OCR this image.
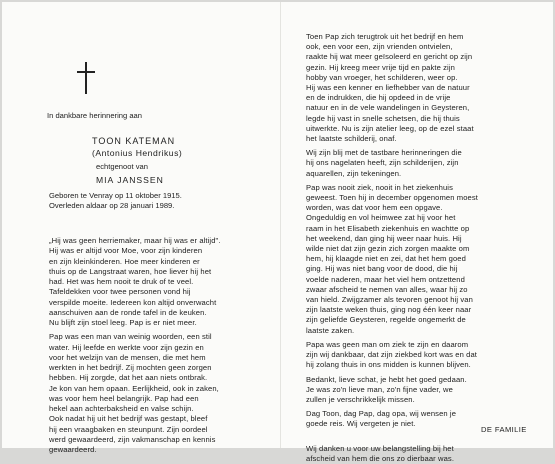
In dankbare herinnering aan
TOON KATEMAN
(Antonius Hendrikus)
echtgenoot van
MIA JANSSEN
Geboren te Venray op 11 oktober 1915.
Overleden aldaar op 28 januari 1989.
„Hij was geen herriemaker, maar hij was er altijd".
Hij was er altijd voor Moe, voor zijn kinderen
en zijn kleinkinderen. Hoe meer kinderen er
thuis op de Langstraat waren, hoe liever hij het
had. Het was hem nooit te druk of te veel.
Tafeldekken voor twee personen vond hij
verspilde moeite. Iedereen kon altijd onverwacht
aanschuiven aan de ronde tafel in de keuken.
Nu blijft zijn stoel leeg. Pap is er niet meer.
Pap was een man van weinig woorden, een stil
water. Hij leefde en werkte voor zijn gezin en
voor het welzijn van de mensen, die met hem
werkten in het bedrijf. Zij mochten geen zorgen
hebben. Hij zorgde, dat het aan niets ontbrak.
Je kon van hem opaan. Eerlijkheid, ook in zaken,
was voor hem heel belangrijk. Pap had een
hekel aan achterbaksheid en valse schijn.
Ook nadat hij uit het bedrijf was gestapt, bleef
hij een vraagbaken en steunpunt. Zijn oordeel
werd gewaardeerd, zijn vakmanschap en kennis
gewaardeerd.
Toen Pap zich terugtrok uit het bedrijf en hem
ook, een voor een, zijn vrienden ontvielen,
raakte hij wat meer geïsoleerd en gericht op zijn
gezin. Hij kreeg meer vrije tijd en pakte zijn
hobby van vroeger, het schilderen, weer op.
Hij was een kenner en liefhebber van de natuur
en de indrukken, die hij opdeed in de vrije
natuur en in de vele wandelingen in Geysteren,
legde hij vast in snelle schetsen, die hij thuis
uitwerkte. Nu is zijn atelier leeg, op de ezel staat
het laatste schilderij, onaf.
Wij zijn blij met de tastbare herinneringen die
hij ons nagelaten heeft, zijn schilderijen, zijn
aquarellen, zijn tekeningen.
Pap was nooit ziek, nooit in het ziekenhuis
geweest. Toen hij in december opgenomen moest
worden, was dat voor hem een opgave.
Ongeduldig en vol heimwee zat hij voor het
raam in het Elisabeth ziekenhuis en wachtte op
het weekend, dan ging hij weer naar huis. Hij
wilde niet dat zijn gezin zich zorgen maakte om
hem, hij klaagde niet en zei, dat het hem goed
ging. Hij was niet bang voor de dood, die hij
voelde naderen, maar het viel hem ontzettend
zwaar afscheid te nemen van alles, waar hij zo
van hield. Zwijgzamer als tevoren genoot hij van
zijn laatste weken thuis, ging nog één keer naar
zijn geliefde Geysteren, regelde ongemerkt de
laatste zaken.
Papa was geen man om ziek te zijn en daarom
zijn wij dankbaar, dat zijn ziekbed kort was en dat
hij zolang thuis in ons midden is kunnen blijven.
Bedankt, lieve schat, je hebt het goed gedaan.
Je was zo'n lieve man, zo'n fijne vader, we
zullen je verschrikkelijk missen.
Dag Toon, dag Pap, dag opa, wij wensen je
goede reis. Wij vergeten je niet.

Wij danken u voor uw belangstelling bij het
afscheid van hem die ons zo dierbaar was.
DE FAMILIE
